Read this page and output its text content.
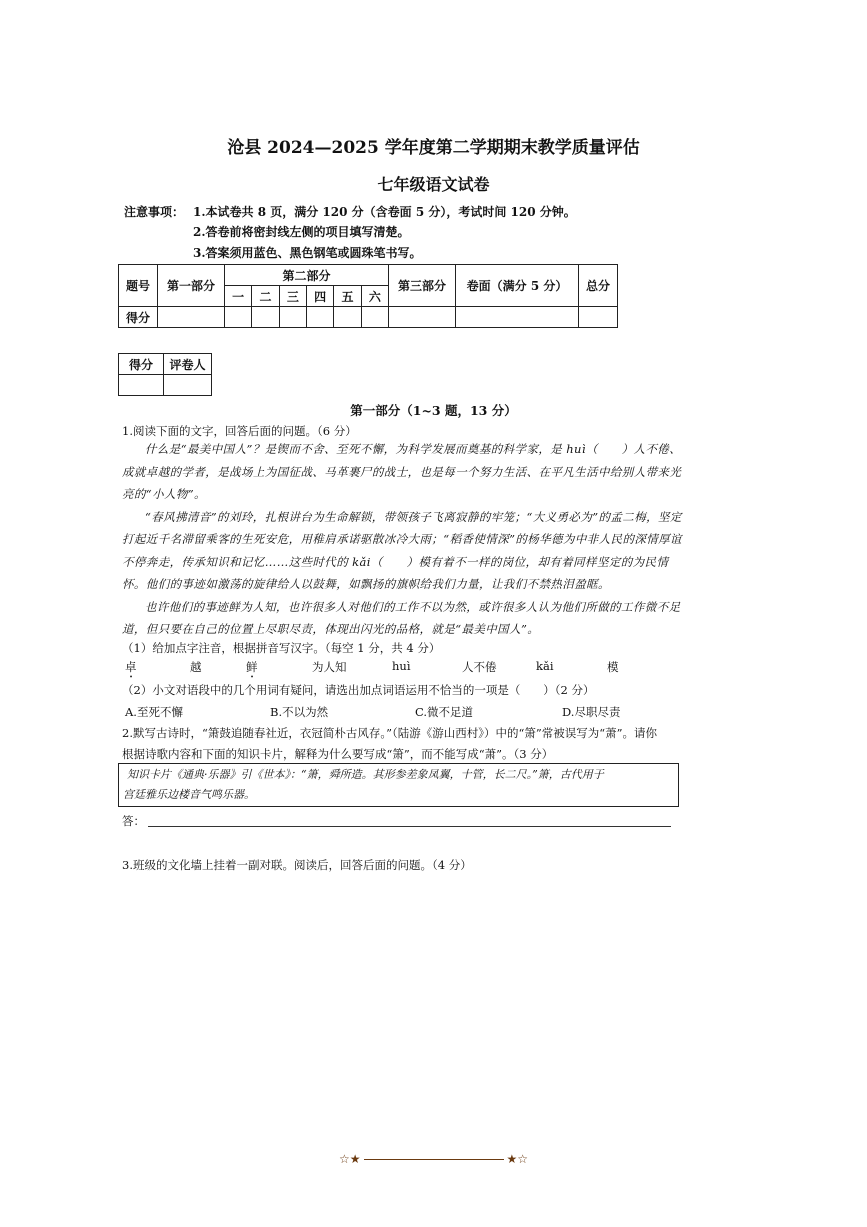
沧县 2024—2025 学年度第二学期期末教学质量评估
七年级语文试卷
注意事项： 1.本试卷共 8 页，满分 120 分（含卷面 5 分），考试时间 120 分钟。
2.答卷前将密封线左侧的项目填写清楚。
3.答案须用蓝色、黑色钢笔或圆珠笔书写。
题号	第一部分	第二部分						第三部分	卷面（满分 5 分）	总分
		一	二	三	四	五	六			
得分										
得分	评卷人

第一部分（1~3 题，13 分）
1.阅读下面的文字，回答后面的问题。（6 分）

什么是“最美中国人”？是锲而不舍、至死不懈，为科学发展而奠基的科学家，是 huì（　　）人不倦、成就卓越的学者，是战场上为国征战、马革裹尸的战士，也是每一个努力生活、在平凡生活中给别人带来光亮的“小人物”。

“春风拂清音”的刘玲，扎根讲台为生命解锁，带领孩子飞离寂静的牢笼；“大义勇必为”的孟二梅，坚定打起近千名滞留乘客的生死安危，用稚肩承诺驱散冰冷大雨；“稻香使情深”的杨华德为中非人民的深情厚谊不停奔走，传承知识和记忆……这些时代的 kǎi（　　）模有着不一样的岗位，却有着同样坚定的为民情怀。他们的事迹如激荡的旋律给人以鼓舞，如飘扬的旗帜给我们力量，让我们不禁热泪盈眶。

也许他们的事迹鲜为人知，也许很多人对他们的工作不以为然，或许很多人认为他们所做的工作微不足道，但只要在自己的位置上尽职尽责，体现出闪光的品格，就是“最美中国人”。

（1）给加点字注音，根据拼音写汉字。（每空 1 分，共 4 分）
卓	越	鲜	为人知	huì	人不倦	kǎi	模
（2）小文对语段中的几个用词有疑问，请选出加点词语运用不恰当的一项是（　　）（2 分）
A.至死不懈	B.不以为然	C.微不足道	D.尽职尽责
2.默写古诗时，“箫鼓追随春社近，衣冠简朴古风存。”（陆游《游山西村》）中的“箫”常被误写为“萧”。请你
根据诗歌内容和下面的知识卡片，解释为什么要写成“箫”，而不能写成“萧”。（3 分）
知识卡片《通典·乐器》引《世本》：“箫，舜所造。其形参差象凤翼，十管，长二尺。”箫，古代用于
宫廷雅乐边楼音气鸣乐器。
答：
3.班级的文化墙上挂着一副对联。阅读后，回答后面的问题。（4 分）
☆★	★☆
